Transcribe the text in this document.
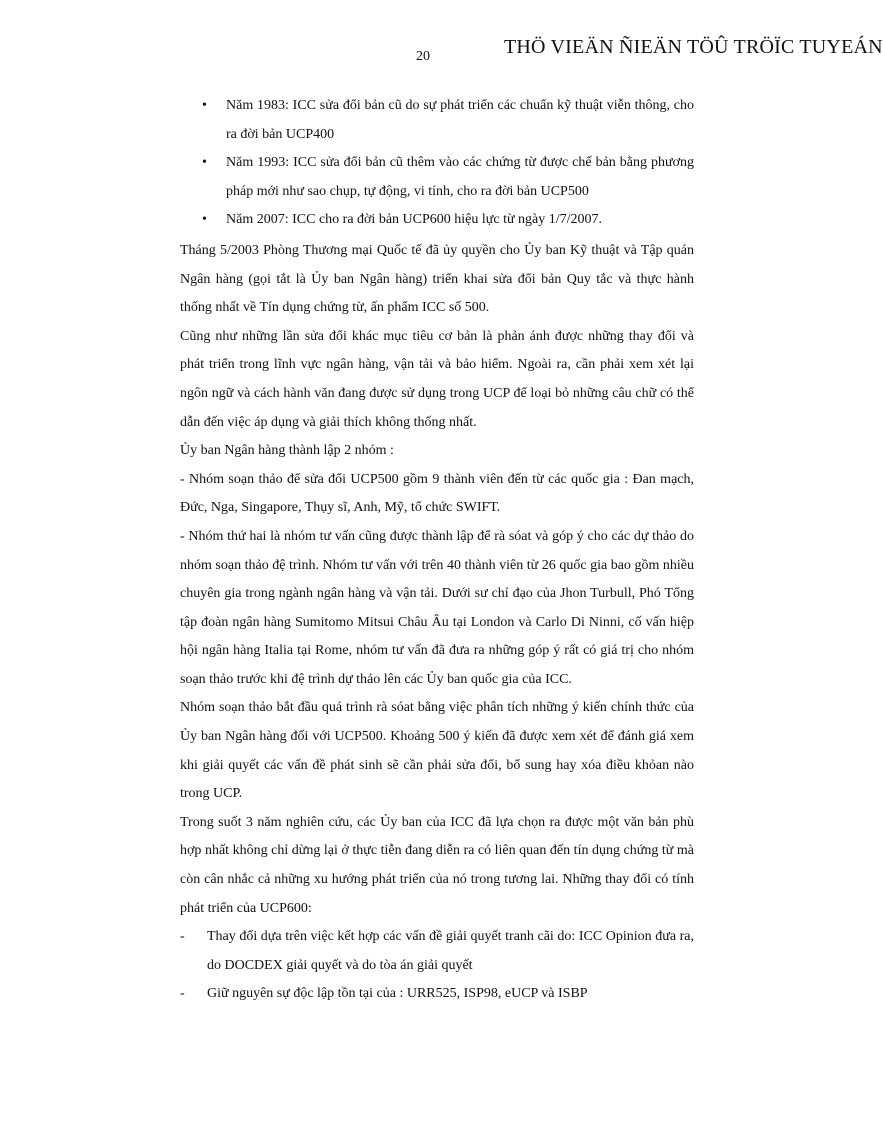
THÖ VIEÄN ÑIEÄN TÖÛ TRÖÏC TUYEÁN
20
• Năm 1983: ICC sửa đổi bản cũ do sự phát triển các chuẩn kỹ thuật viễn thông, cho ra đời bản UCP400
• Năm 1993: ICC sửa đổi bản cũ thêm vào các chứng từ được chế bản bằng phương pháp mới như sao chụp, tự động, vi tính, cho ra đời bản UCP500
• Năm 2007: ICC cho ra đời bản UCP600 hiệu lực từ ngày 1/7/2007.

Tháng 5/2003 Phòng Thương mại Quốc tế đã ủy quyền cho Ủy ban Kỹ thuật và Tập quán Ngân hàng (gọi tắt là Ủy ban Ngân hàng) triển khai sửa đổi bản Quy tắc và thực hành thống nhất về Tín dụng chứng từ, ấn phẩm ICC số 500.

Cũng như những lần sửa đổi khác mục tiêu cơ bản là phản ánh được những thay đổi và phát triển trong lĩnh vực ngân hàng, vận tải và bảo hiểm. Ngoài ra, cần phải xem xét lại ngôn ngữ và cách hành văn đang được sử dụng trong UCP để loại bỏ những câu chữ có thể dẫn đến việc áp dụng và giải thích không thống nhất.

Ủy ban Ngân hàng thành lập 2 nhóm :

- Nhóm soạn thảo để sửa đổi UCP500 gồm 9 thành viên đến từ các quốc gia : Đan mạch, Đức, Nga, Singapore, Thụy sĩ, Anh, Mỹ, tổ chức SWIFT.

- Nhóm thứ hai là nhóm tư vấn cũng được thành lập để rà sóat và góp ý cho các dự thảo do nhóm soạn thảo đệ trình. Nhóm tư vấn với trên 40 thành viên từ 26 quốc gia bao gồm nhiều chuyên gia trong ngành ngân hàng và vận tải. Dưới sư chỉ đạo của Jhon Turbull, Phó Tổng tập đoàn ngân hàng Sumitomo Mitsui Châu Âu tại London và Carlo Di Ninni, cố vấn hiệp hội ngân hàng Italia tại Rome, nhóm tư vấn đã đưa ra những góp ý rất có giá trị cho nhóm soạn thảo trước khi đệ trình dự thảo lên các Ủy ban quốc gia của ICC.

Nhóm soạn thảo bắt đầu quá trình rà sóat bằng việc phân tích những ý kiến chính thức của Ủy ban Ngân hàng đối với UCP500. Khoảng 500 ý kiến đã được xem xét để đánh giá xem khi giải quyết các vấn đề phát sinh sẽ cần phải sửa đổi, bổ sung hay xóa điều khỏan nào trong UCP.

Trong suốt 3 năm nghiên cứu, các Ủy ban của ICC đã lựa chọn ra được một văn bản phù hợp nhất không chỉ dừng lại ở thực tiễn đang diễn ra có liên quan đến tín dụng chứng từ mà còn cân nhắc cả những xu hướng phát triển của nó trong tương lai. Những thay đổi có tính phát triển của UCP600:

- Thay đổi dựa trên việc kết hợp các vấn đề giải quyết tranh cãi do: ICC Opinion đưa ra, do DOCDEX giải quyết và do tòa án giải quyết
- Giữ nguyên sự độc lập tồn tại của : URR525, ISP98, eUCP và ISBP
